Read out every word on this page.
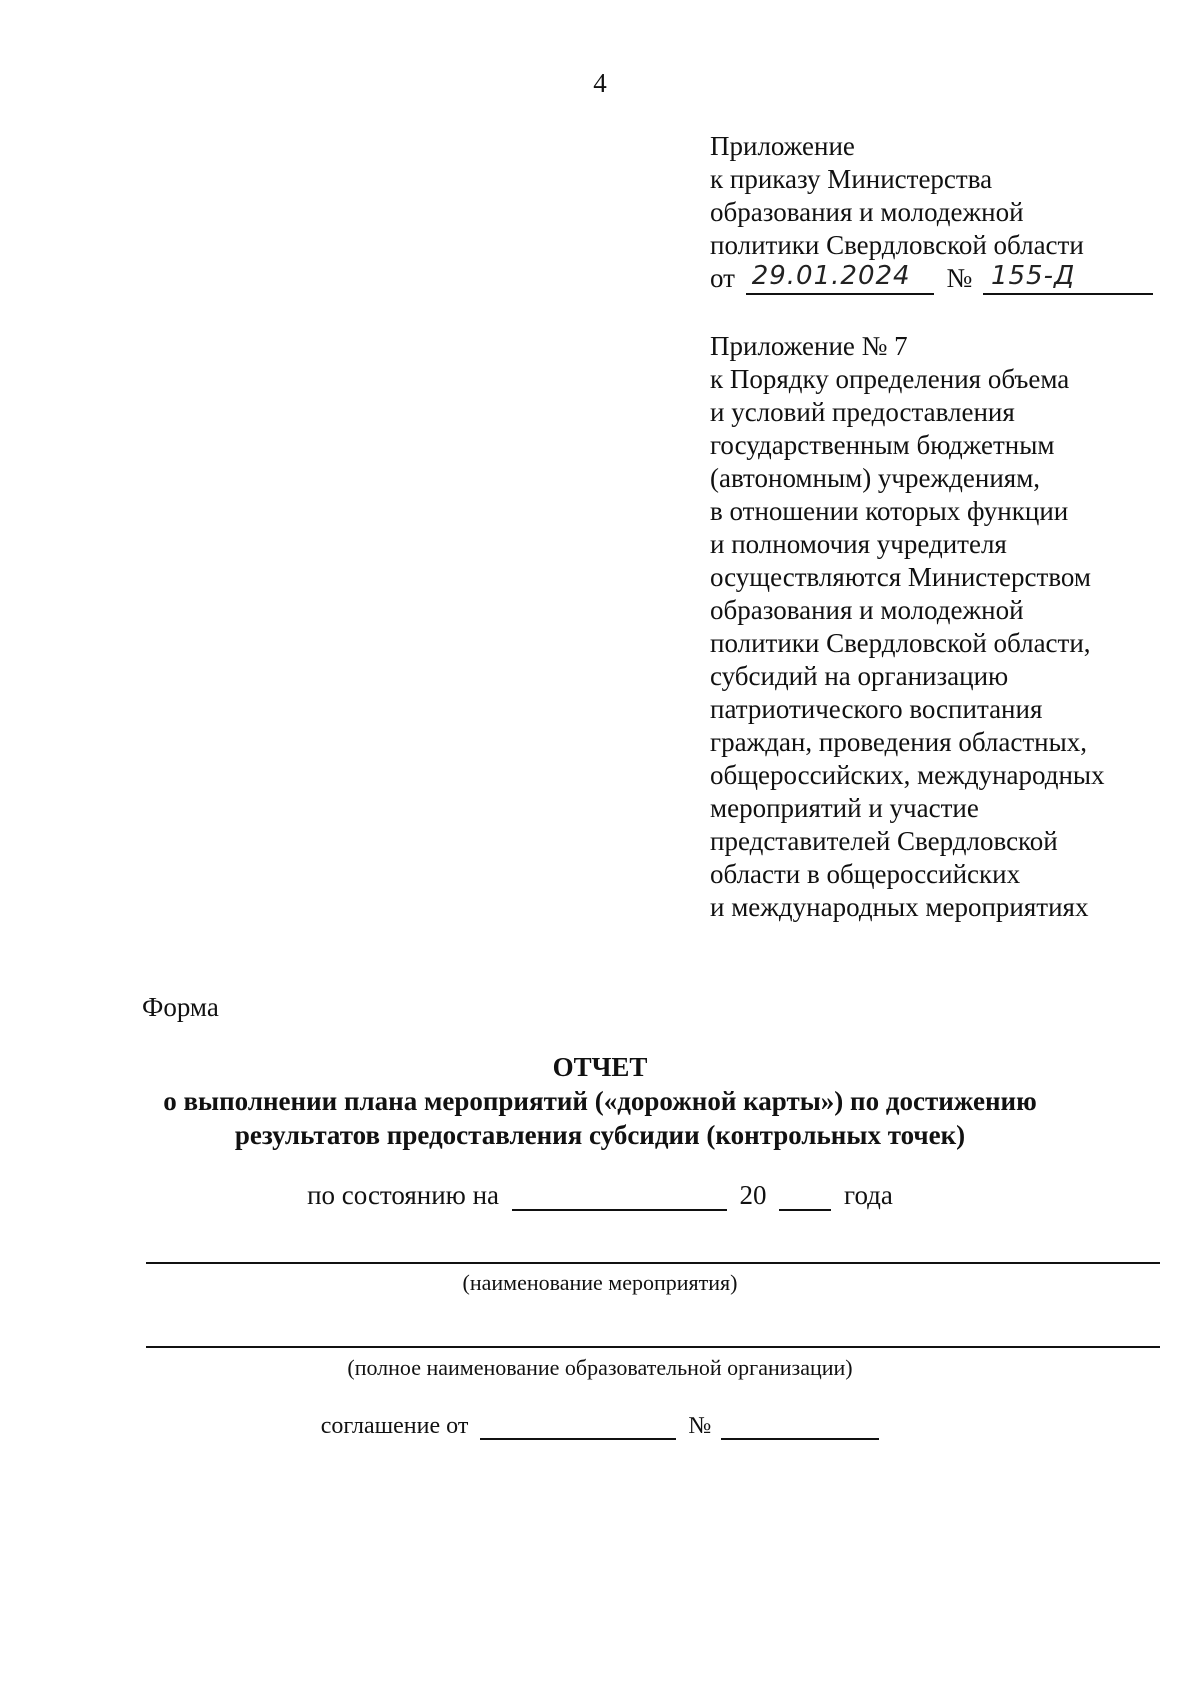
4
Приложение
к приказу Министерства
образования и молодежной
политики Свердловской области
от 29.01.2024 № 155-Д
Приложение № 7
к Порядку определения объема
и условий предоставления
государственным бюджетным
(автономным) учреждениям,
в отношении которых функции
и полномочия учредителя
осуществляются Министерством
образования и молодежной
политики Свердловской области,
субсидий на организацию
патриотического воспитания
граждан, проведения областных,
общероссийских, международных
мероприятий и участие
представителей Свердловской
области в общероссийских
и международных мероприятиях
Форма
ОТЧЕТ
о выполнении плана мероприятий («дорожной карты») по достижению
результатов предоставления субсидии (контрольных точек)
по состоянию на	20	года
(наименование мероприятия)
(полное наименование образовательной организации)
соглашение от	№
